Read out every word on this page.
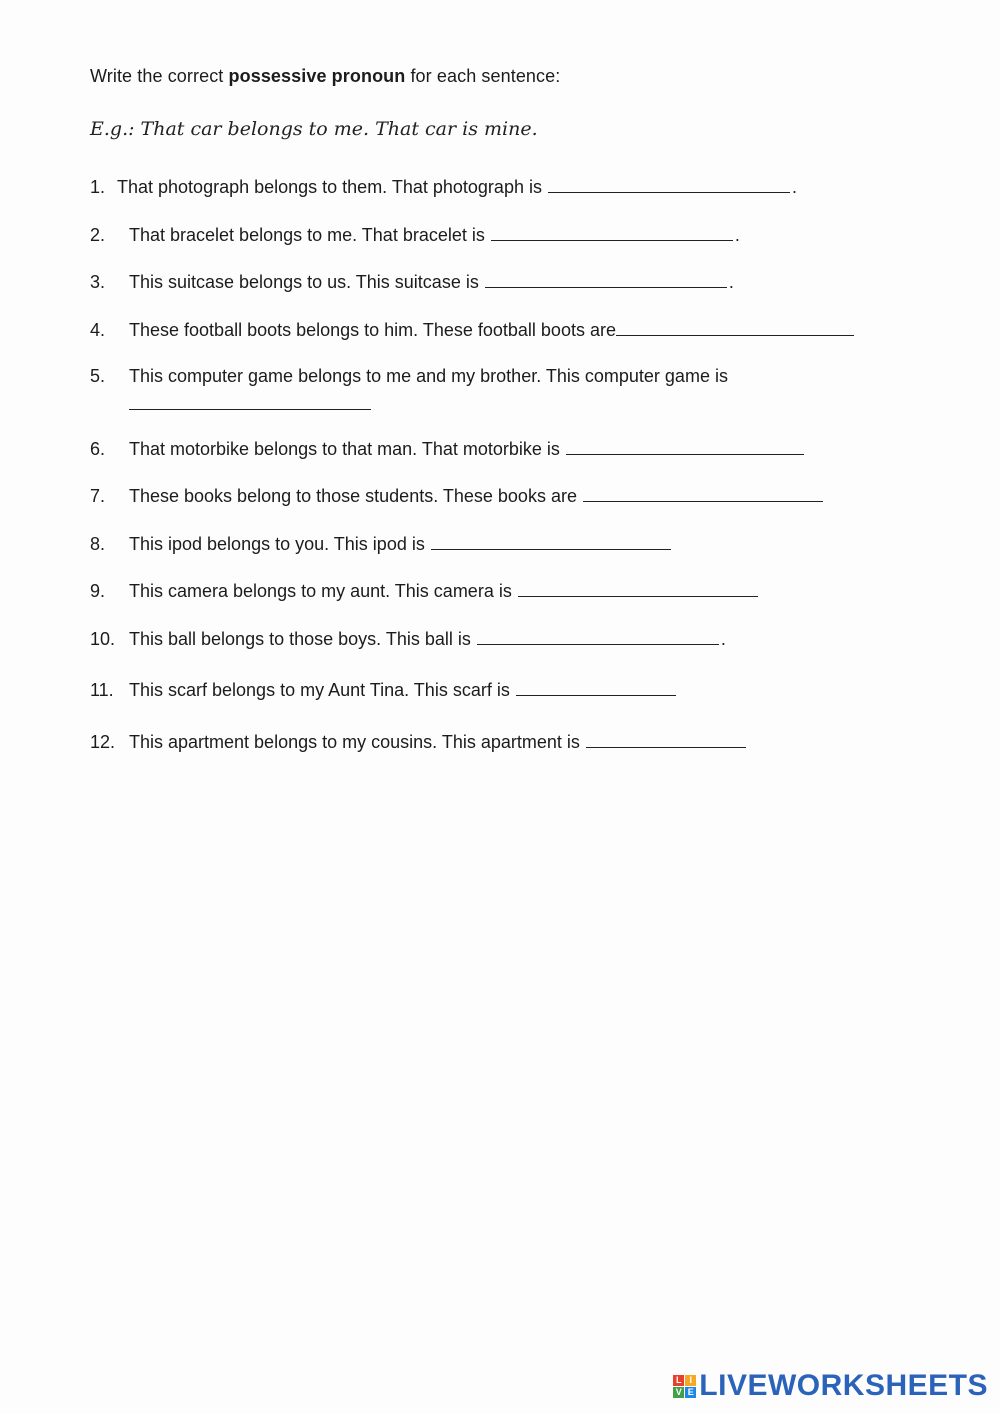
Write the correct possessive pronoun for each sentence:
E.g.: That car belongs to me. That car is mine.
1. That photograph belongs to them. That photograph is	.
2.	That bracelet belongs to me. That bracelet is	.
3.	This suitcase belongs to us. This suitcase is	.
4.	These football boots belongs to him. These football boots are
5.	This computer game belongs to me and my brother. This computer game is
6.	That motorbike belongs to that man. That motorbike is
7.	These books belong to those students. These books are
8.	This ipod belongs to you. This ipod is
9.	This camera belongs to my aunt. This camera is
10. This ball belongs to those boys. This ball is	.
11. This scarf belongs to my Aunt Tina. This scarf is
12. This apartment belongs to my cousins. This apartment is
L I
V E LIVEWORKSHEETS
